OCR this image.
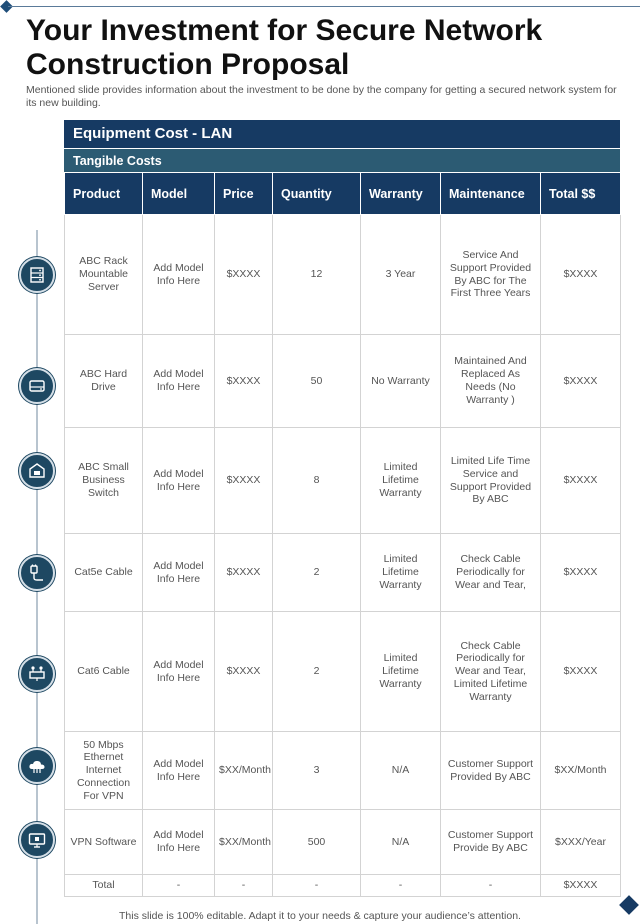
Your Investment for Secure Network Construction Proposal
Mentioned slide provides information about the investment to be done by the company for getting a secured network system for its new building.
Equipment Cost - LAN
Tangible Costs
Product	Model	Price	Quantity	Warranty	Maintenance	Total $$
ABC Rack Mountable Server	Add Model Info Here	$XXXX	12	3 Year	Service And Support Provided By ABC for The First Three Years	$XXXX
ABC Hard Drive	Add Model Info Here	$XXXX	50	No Warranty	Maintained And Replaced As Needs (No Warranty )	$XXXX
ABC Small Business Switch	Add Model Info Here	$XXXX	8	Limited Lifetime Warranty	Limited Life Time Service and Support Provided By ABC	$XXXX
Cat5e Cable	Add Model Info Here	$XXXX	2	Limited Lifetime Warranty	Check Cable Periodically for Wear and Tear,	$XXXX
Cat6 Cable	Add Model Info Here	$XXXX	2	Limited Lifetime Warranty	Check Cable Periodically for Wear and Tear, Limited Lifetime Warranty	$XXXX
50 Mbps Ethernet Internet Connection For VPN	Add Model Info Here	$XX/Month	3	N/A	Customer Support Provided By ABC	$XX/Month
VPN Software	Add Model Info Here	$XX/Month	500	N/A	Customer Support Provide By ABC	$XXX/Year
Total	-	-	-	-	-	$XXXX
This slide is 100% editable. Adapt it to your needs & capture your audience’s attention.
